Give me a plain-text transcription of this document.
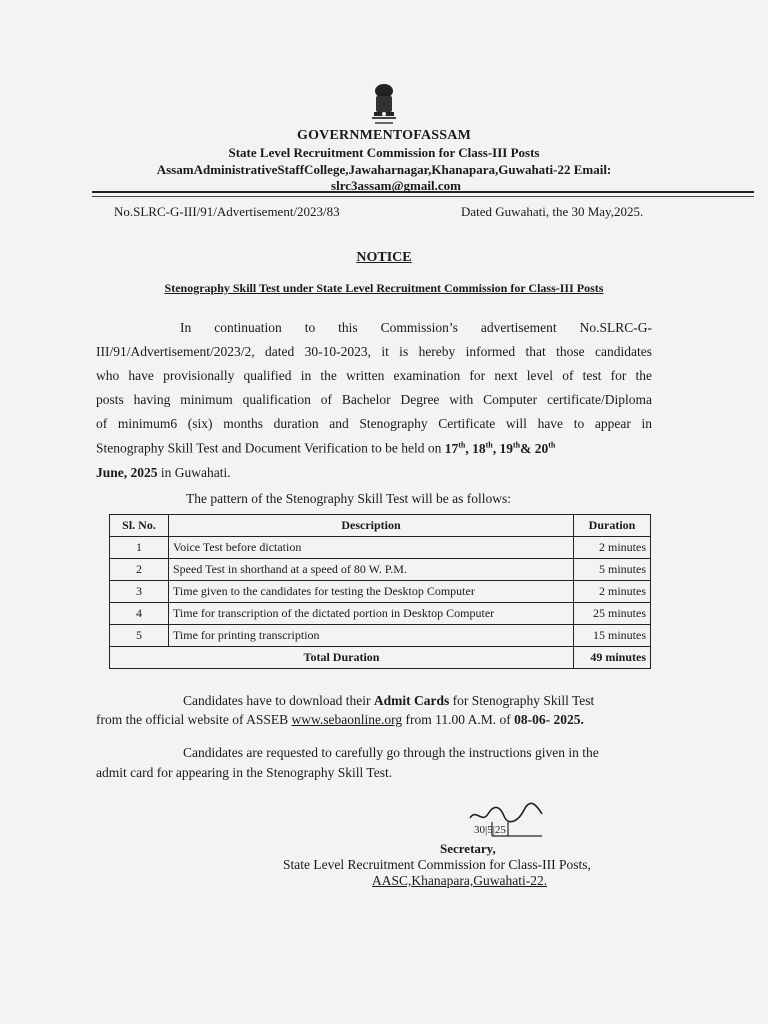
GOVERNMENTOFASSAM
State Level Recruitment Commission for Class-III Posts
AssamAdministrativeStaffCollege,Jawaharnagar,Khanapara,Guwahati-22 Email:
slrc3assam@gmail.com
No.SLRC-G-III/91/Advertisement/2023/83	Dated Guwahati, the 30 May,2025.
NOTICE
Stenography Skill Test under State Level Recruitment Commission for Class-III Posts
In continuation to this Commission’s advertisement No.SLRC-G-
III/91/Advertisement/2023/2, dated 30-10-2023, it is hereby informed that those candidates
who have provisionally qualified in the written examination for next level of test for the
posts having minimum qualification of Bachelor Degree with Computer certificate/Diploma
of minimum6 (six) months duration and Stenography Certificate will have to appear in
Stenography Skill Test and Document Verification to be held on 17th, 18th, 19th& 20th
June, 2025 in Guwahati.
The pattern of the Stenography Skill Test will be as follows:
Sl. No.	Description	Duration
1	Voice Test before dictation	2 minutes
2	Speed Test in shorthand at a speed of 80 W. P.M.	5 minutes
3	Time given to the candidates for testing the Desktop Computer	2 minutes
4	Time for transcription of the dictated portion in Desktop Computer	25 minutes
5	Time for printing transcription	15 minutes
Total Duration		49 minutes
Candidates have to download their Admit Cards for Stenography Skill Test
from the official website of ASSEB www.sebaonline.org from 11.00 A.M. of 08-06- 2025.
Candidates are requested to carefully go through the instructions given in the
admit card for appearing in the Stenography Skill Test.
30|5|25
Secretary,
State Level Recruitment Commission for Class-III Posts,
AASC,Khanapara,Guwahati-22.
